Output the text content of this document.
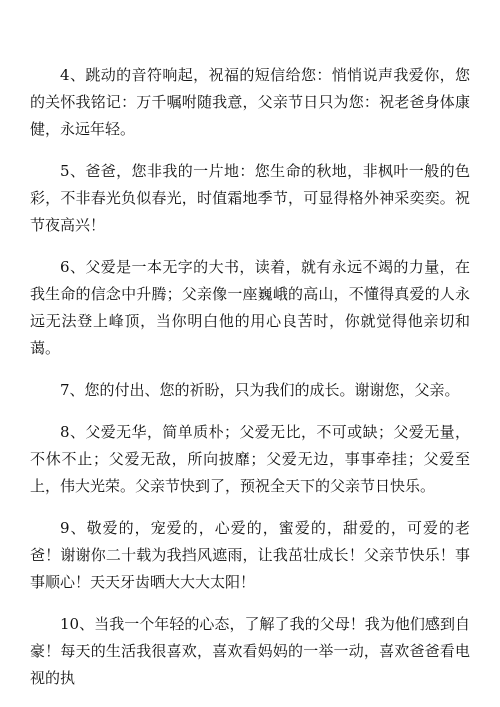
4、跳动的音符响起，祝福的短信给您：悄悄说声我爱你，您的关怀我铭记：万千嘱咐随我意，父亲节日只为您：祝老爸身体康健，永远年轻。

5、爸爸，您非我的一片地：您生命的秋地，非枫叶一般的色彩，不非春光负似春光，时值霜地季节，可显得格外神采奕奕。祝节夜高兴！

6、父爱是一本无字的大书，读着，就有永远不竭的力量，在我生命的信念中升腾；父亲像一座巍峨的高山，不懂得真爱的人永远无法登上峰顶，当你明白他的用心良苦时，你就觉得他亲切和蔼。

7、您的付出、您的祈盼，只为我们的成长。谢谢您，父亲。

8、父爱无华，简单质朴；父爱无比，不可或缺；父爱无量，不休不止；父爱无敌，所向披靡；父爱无边，事事牵挂；父爱至上，伟大光荣。父亲节快到了，预祝全天下的父亲节日快乐。

9、敬爱的，宠爱的，心爱的，蜜爱的，甜爱的，可爱的老爸！谢谢你二十载为我挡风遮雨，让我茁壮成长！父亲节快乐！事事顺心！天天牙齿晒大大大太阳！

10、当我一个年轻的心态，了解了我的父母！我为他们感到自豪！每天的生活我很喜欢，喜欢看妈妈的一举一动，喜欢爸爸看电视的执
